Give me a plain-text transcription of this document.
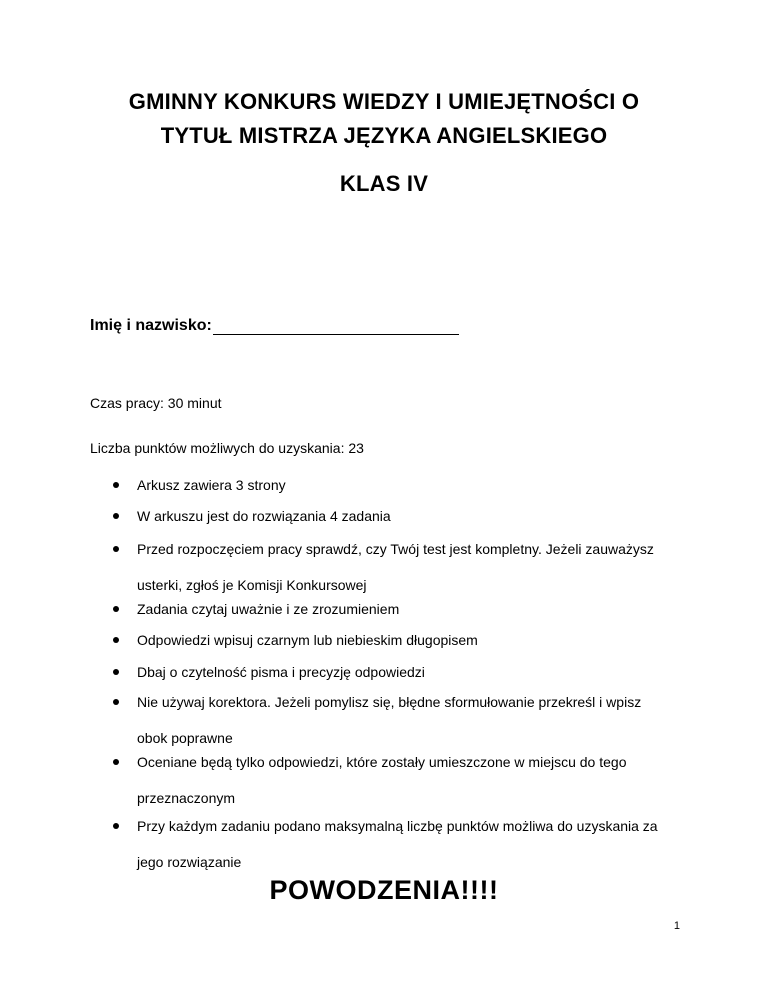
GMINNY KONKURS WIEDZY I UMIEJĘTNOŚCI O
TYTUŁ MISTRZA JĘZYKA ANGIELSKIEGO
KLAS IV
Imię i nazwisko:
Czas pracy: 30 minut
Liczba punktów możliwych do uzyskania: 23
Arkusz zawiera 3 strony
W arkuszu jest do rozwiązania 4 zadania
Przed rozpoczęciem pracy sprawdź, czy Twój test jest kompletny. Jeżeli zauważysz usterki, zgłoś je Komisji Konkursowej
Zadania czytaj uważnie i ze zrozumieniem
Odpowiedzi wpisuj czarnym lub niebieskim długopisem
Dbaj o czytelność pisma i precyzję odpowiedzi
Nie używaj korektora. Jeżeli pomylisz się, błędne sformułowanie przekreśl i wpisz obok poprawne
Oceniane będą tylko odpowiedzi, które zostały umieszczone w miejscu do tego przeznaczonym
Przy każdym zadaniu podano maksymalną liczbę punktów możliwa do uzyskania za jego rozwiązanie
POWODZENIA!!!!
1
